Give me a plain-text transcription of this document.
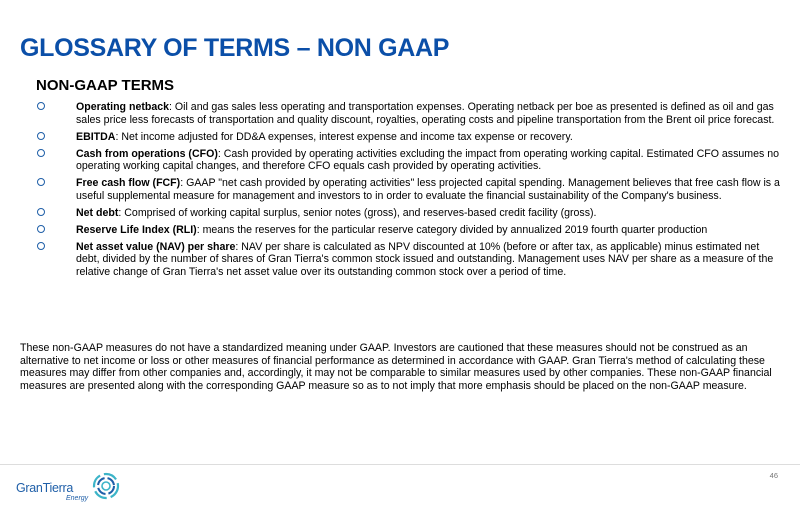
GLOSSARY OF TERMS – NON GAAP
NON-GAAP TERMS
Operating netback: Oil and gas sales less operating and transportation expenses. Operating netback per boe as presented is defined as oil and gas sales price less forecasts of transportation and quality discount, royalties, operating costs and pipeline transportation from the Brent oil price forecast.
EBITDA: Net income adjusted for DD&A expenses, interest expense and income tax expense or recovery.
Cash from operations (CFO): Cash provided by operating activities excluding the impact from operating working capital. Estimated CFO assumes no operating working capital changes, and therefore CFO equals cash provided by operating activities.
Free cash flow (FCF): GAAP "net cash provided by operating activities" less projected capital spending. Management believes that free cash flow is a useful supplemental measure for management and investors to in order to evaluate the financial sustainability of the Company's business.
Net debt: Comprised of working capital surplus, senior notes (gross), and reserves-based credit facility (gross).
Reserve Life Index (RLI): means the reserves for the particular reserve category divided by annualized 2019 fourth quarter production
Net asset value (NAV) per share: NAV per share is calculated as NPV discounted at 10% (before or after tax, as applicable) minus estimated net debt, divided by the number of shares of Gran Tierra's common stock issued and outstanding. Management uses NAV per share as a measure of the relative change of Gran Tierra's net asset value over its outstanding common stock over a period of time.

These non-GAAP measures do not have a standardized meaning under GAAP. Investors are cautioned that these measures should not be construed as an alternative to net income or loss or other measures of financial performance as determined in accordance with GAAP. Gran Tierra's method of calculating these measures may differ from other companies and, accordingly, it may not be comparable to similar measures used by other companies. These non-GAAP financial measures are presented along with the corresponding GAAP measure so as to not imply that more emphasis should be placed on the non-GAAP measure.

GranTierra
Energy
46
